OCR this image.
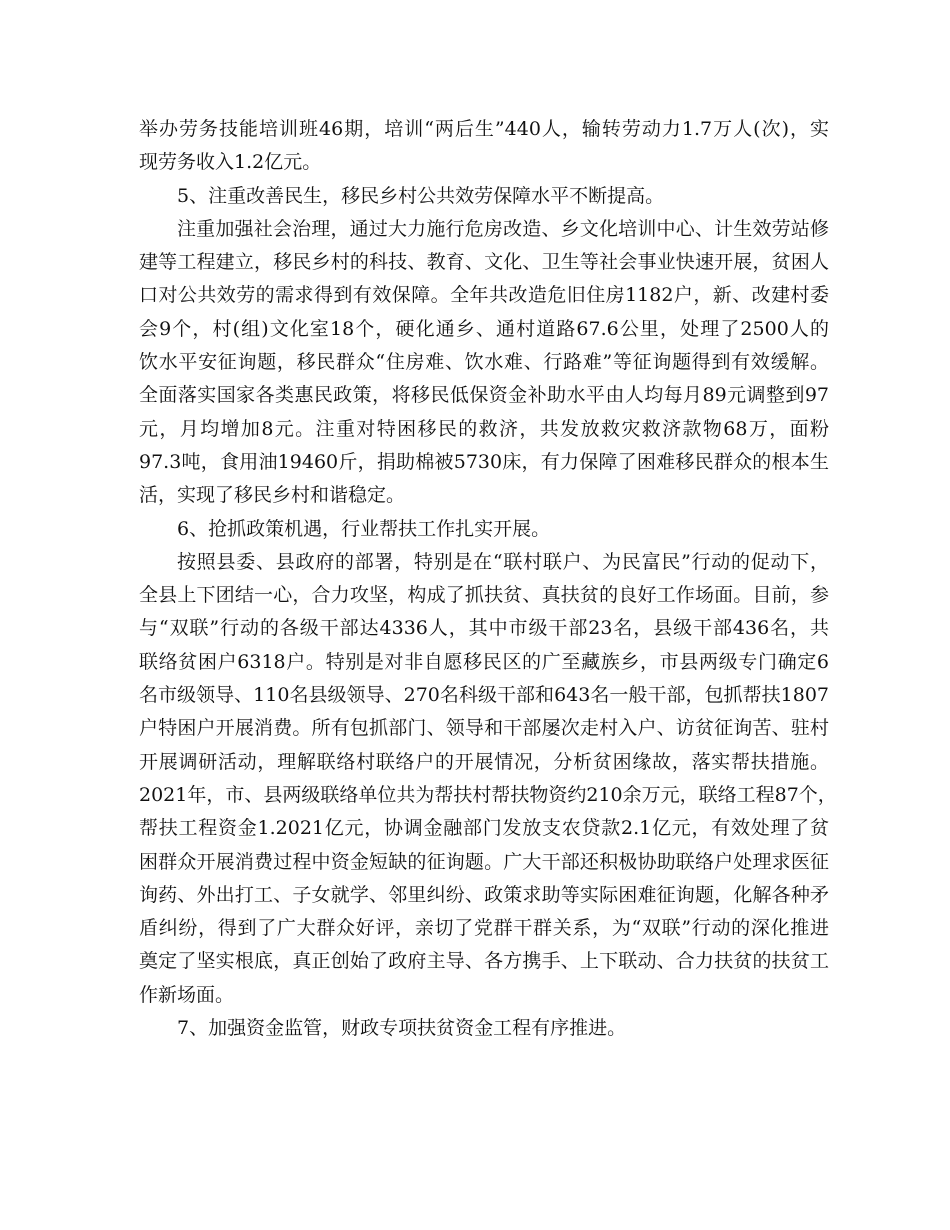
举办劳务技能培训班46期，培训“两后生”440人，输转劳动力1.7万人(次)，实
现劳务收入1.2亿元。
5、注重改善民生，移民乡村公共效劳保障水平不断提高。
注重加强社会治理，通过大力施行危房改造、乡文化培训中心、计生效劳站修
建等工程建立，移民乡村的科技、教育、文化、卫生等社会事业快速开展，贫困人
口对公共效劳的需求得到有效保障。全年共改造危旧住房1182户，新、改建村委
会9个，村(组)文化室18个，硬化通乡、通村道路67.6公里，处理了2500人的
饮水平安征询题，移民群众“住房难、饮水难、行路难”等征询题得到有效缓解。
全面落实国家各类惠民政策，将移民低保资金补助水平由人均每月89元调整到97
元，月均增加8元。注重对特困移民的救济，共发放救灾救济款物68万，面粉
97.3吨，食用油19460斤，捐助棉被5730床，有力保障了困难移民群众的根本生
活，实现了移民乡村和谐稳定。
6、抢抓政策机遇，行业帮扶工作扎实开展。
按照县委、县政府的部署，特别是在“联村联户、为民富民”行动的促动下，
全县上下团结一心，合力攻坚，构成了抓扶贫、真扶贫的良好工作场面。目前，参
与“双联”行动的各级干部达4336人，其中市级干部23名，县级干部436名，共
联络贫困户6318户。特别是对非自愿移民区的广至藏族乡，市县两级专门确定6
名市级领导、110名县级领导、270名科级干部和643名一般干部，包抓帮扶1807
户特困户开展消费。所有包抓部门、领导和干部屡次走村入户、访贫征询苦、驻村
开展调研活动，理解联络村联络户的开展情况，分析贫困缘故，落实帮扶措施。
2021年，市、县两级联络单位共为帮扶村帮扶物资约210余万元，联络工程87个，
帮扶工程资金1.2021亿元，协调金融部门发放支农贷款2.1亿元，有效处理了贫
困群众开展消费过程中资金短缺的征询题。广大干部还积极协助联络户处理求医征
询药、外出打工、子女就学、邻里纠纷、政策求助等实际困难征询题，化解各种矛
盾纠纷，得到了广大群众好评，亲切了党群干群关系，为“双联”行动的深化推进
奠定了坚实根底，真正创始了政府主导、各方携手、上下联动、合力扶贫的扶贫工
作新场面。
7、加强资金监管，财政专项扶贫资金工程有序推进。
